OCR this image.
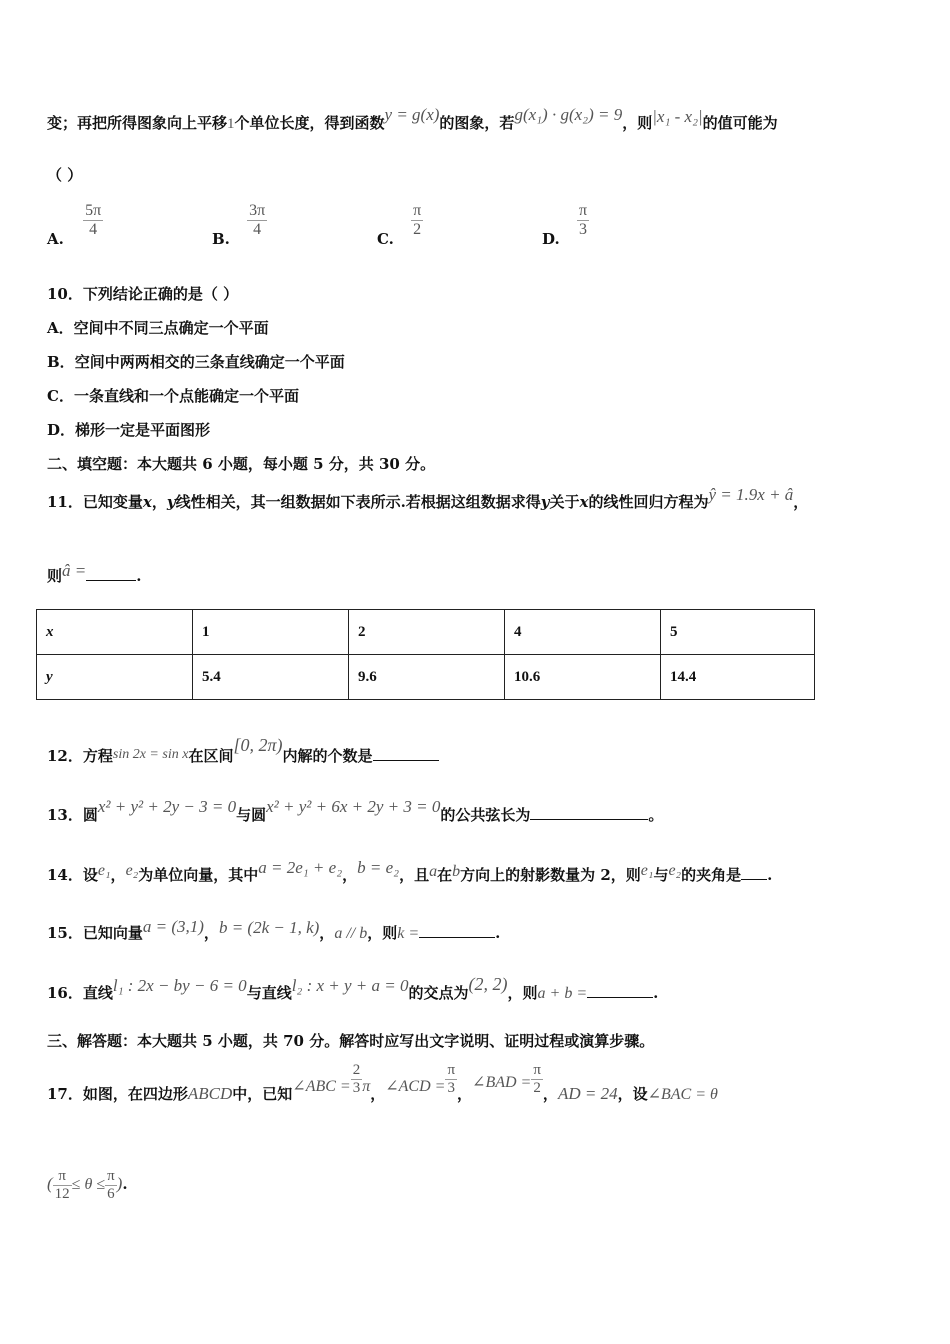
变；再把所得图象向上平移1个单位长度，得到函数y = g(x)的图象，若g(x₁) · g(x₂) = 9，则|x₁ - x₂|的值可能为
（ ）
A.
$\frac{5\pi}{4}$
B.
$\frac{3\pi}{4}$
C.
$\frac{\pi}{2}$
D.
$\frac{\pi}{3}$
10．下列结论正确的是（ ）
A．空间中不同三点确定一个平面
B．空间中两两相交的三条直线确定一个平面
C．一条直线和一个点能确定一个平面
D．梯形一定是平面图形
二、填空题：本大题共 6 小题，每小题 5 分，共 30 分。
11．已知变量x，y线性相关，其一组数据如下表所示.若根据这组数据求得y关于x的线性回归方程为ŷ = 1.9x + â，
则â =	.
x	1	2	4	5
y	5.4	9.6	10.6	14.4
12．方程sin 2x = sin x在区间[0, 2π)内解的个数是
13．圆x² + y² + 2y − 3 = 0与圆x² + y² + 6x + 2y + 3 = 0的公共弦长为	。
14．设e₁，e₂为单位向量，其中a = 2e₁ + e₂，b = e₂，且a在b方向上的射影数量为 2，则e₁与e₂的夹角是 .
15．已知向量a = (3,1)，b = (2k − 1, k)，a // b，则k =	.
16．直线l₁ : 2x − by − 6 = 0与直线l₂ : x + y + a = 0的交点为(2, 2)，则a + b =	.
三、解答题：本大题共 5 小题，共 70 分。解答时应写出文字说明、证明过程或演算步骤。
17．如图，在四边形ABCD中，已知∠ABC = $\frac{2}{3}$ π，∠ACD = $\frac{\pi}{3}$ ，∠BAD = $\frac{\pi}{2}$ ，AD = 24，设∠BAC = θ
( $\frac{\pi}{12} \le \theta \le \frac{\pi}{6}$ ).
